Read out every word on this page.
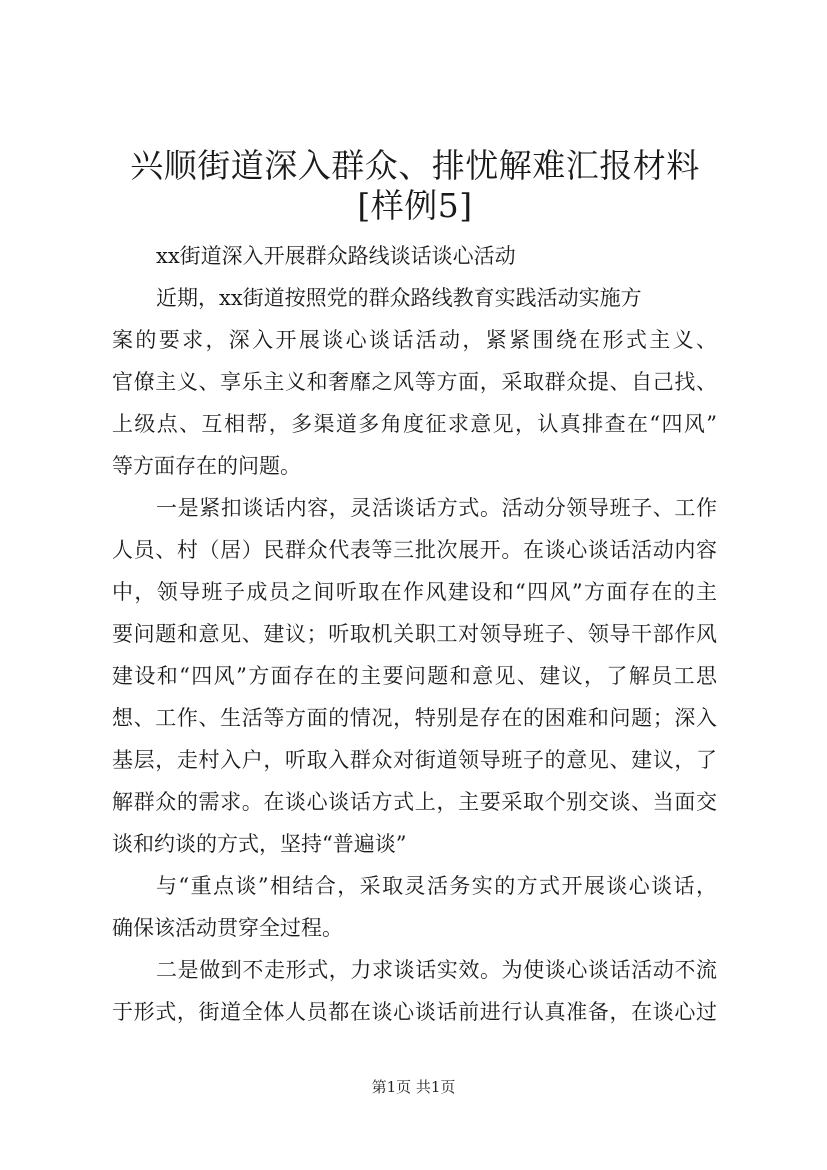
兴顺街道深入群众、排忧解难汇报材料[样例5]

xx街道深入开展群众路线谈话谈心活动

近期，xx街道按照党的群众路线教育实践活动实施方

案的要求，深入开展谈心谈话活动，紧紧围绕在形式主义、

官僚主义、享乐主义和奢靡之风等方面，采取群众提、自己找、

上级点、互相帮，多渠道多角度征求意见，认真排查在“四风”

等方面存在的问题。

一是紧扣谈话内容，灵活谈话方式。活动分领导班子、工作

人员、村（居）民群众代表等三批次展开。在谈心谈话活动内容

中，领导班子成员之间听取在作风建设和“四风”方面存在的主

要问题和意见、建议；听取机关职工对领导班子、领导干部作风

建设和“四风”方面存在的主要问题和意见、建议，了解员工思

想、工作、生活等方面的情况，特别是存在的困难和问题；深入

基层，走村入户，听取入群众对街道领导班子的意见、建议，了

解群众的需求。在谈心谈话方式上，主要采取个别交谈、当面交

谈和约谈的方式，坚持“普遍谈”

与“重点谈”相结合，采取灵活务实的方式开展谈心谈话，

确保该活动贯穿全过程。

二是做到不走形式，力求谈话实效。为使谈心谈话活动不流

于形式，街道全体人员都在谈心谈话前进行认真准备，在谈心过

第1页 共1页
